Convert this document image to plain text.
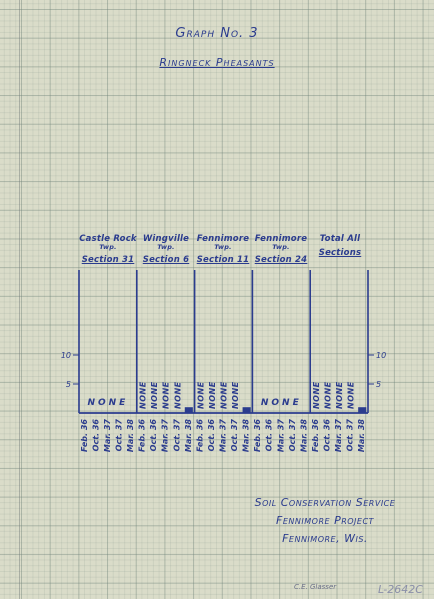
Graph No. 3
Ringneck Pheasants
Castle Rock
Twp.
Section 31
Wingville
Twp.
Section 6
Fennimore
Twp.
Section 11
Fennimore
Twp.
Section 24
Total All
Sections
5	5
10	10
Feb. 36 Oct. 36 Mar. 37 Oct. 37 Mar. 38
NONE
Feb. 36 Oct. 36 Mar. 37 Oct. 37 Mar. 38
NONE NONE NONE NONE
Feb. 36 Oct. 36 Mar. 37 Oct. 37 Mar. 38
NONE NONE NONE NONE
Feb. 36 Oct. 36 Mar. 37 Oct. 37 Mar. 38
NONE
Feb. 36 Oct. 36 Mar. 37 Oct. 37 Mar. 38
NONE NONE NONE NONE
Soil Conservation Service
Fennimore Project
Fennimore, Wis.
C.E. Glasser	L-2642C
